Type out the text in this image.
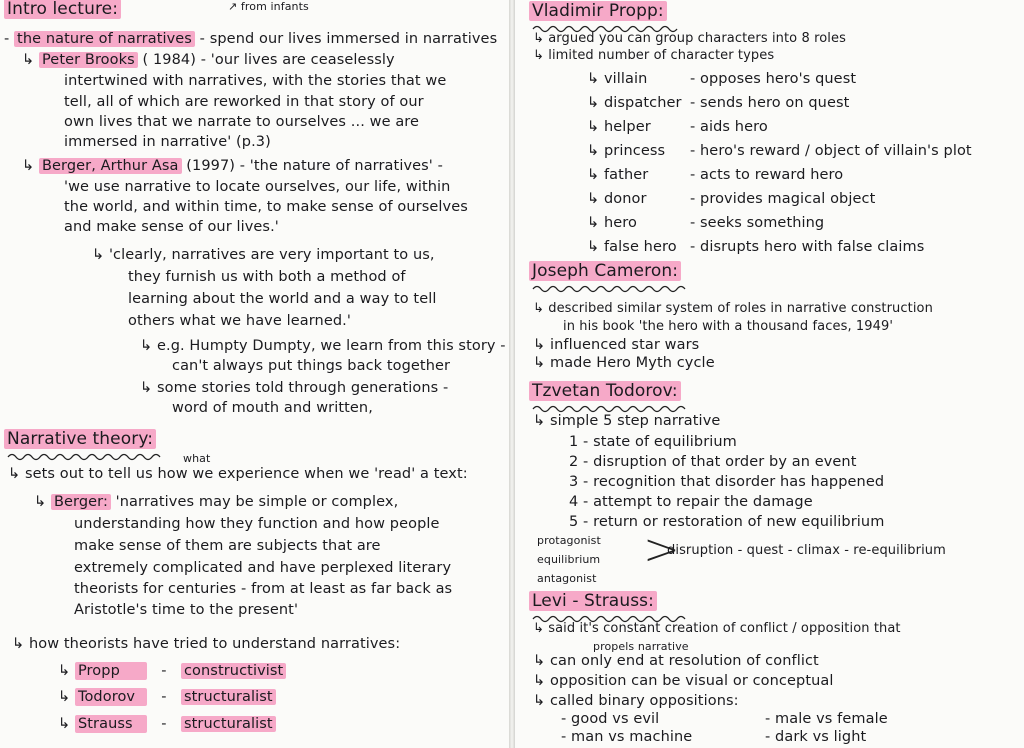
Intro lecture:	↗ from infants
- the nature of narratives - spend our lives immersed in narratives
↳ Peter Brooks ( 1984) - 'our lives are ceaselessly
intertwined with narratives, with the stories that we
tell, all of which are reworked in that story of our
own lives that we narrate to ourselves ... we are
immersed in narrative' (p.3)
↳ Berger, Arthur Asa (1997) - 'the nature of narratives' -
'we use narrative to locate ourselves, our life, within
the world, and within time, to make sense of ourselves
and make sense of our lives.'
↳ 'clearly, narratives are very important to us,
they furnish us with both a method of
learning about the world and a way to tell
others what we have learned.'
↳ e.g. Humpty Dumpty, we learn from this story -
can't always put things back together
↳ some stories told through generations -
word of mouth and written,
Narrative theory:
what
↳ sets out to tell us how we experience when we 'read' a text:
↳ Berger: 'narratives may be simple or complex,
understanding how they function and how people
make sense of them are subjects that are
extremely complicated and have perplexed literary
theorists for centuries - from at least as far back as
Aristotle's time to the present'
↳ how theorists have tried to understand narratives:
↳ Propp	- constructivist
↳ Todorov - structuralist
↳ Strauss - structuralist
Vladimir Propp:
↳ argued you can group characters into 8 roles
↳ limited number of character types
↳ villain	- opposes hero's quest
↳ dispatcher - sends hero on quest
↳ helper	- aids hero
↳ princess - hero's reward / object of villain's plot
↳ father	- acts to reward hero
↳ donor	- provides magical object
↳ hero	- seeks something
↳ false hero - disrupts hero with false claims
Joseph Cameron:
↳ described similar system of roles in narrative construction
in his book 'the hero with a thousand faces, 1949'
↳ influenced star wars
↳ made Hero Myth cycle
Tzvetan Todorov:
↳ simple 5 step narrative
1 - state of equilibrium
2 - disruption of that order by an event
3 - recognition that disorder has happened
4 - attempt to repair the damage
5 - return or restoration of new equilibrium
protagonist
equilibrium
antagonist
>
disruption - quest - climax - re-equilibrium
Levi - Strauss:
↳ said it's constant creation of conflict / opposition that
propels narrative
↳ can only end at resolution of conflict
↳ opposition can be visual or conceptual
↳ called binary oppositions:
- good vs evil	- male vs female
- man vs machine	- dark vs light
